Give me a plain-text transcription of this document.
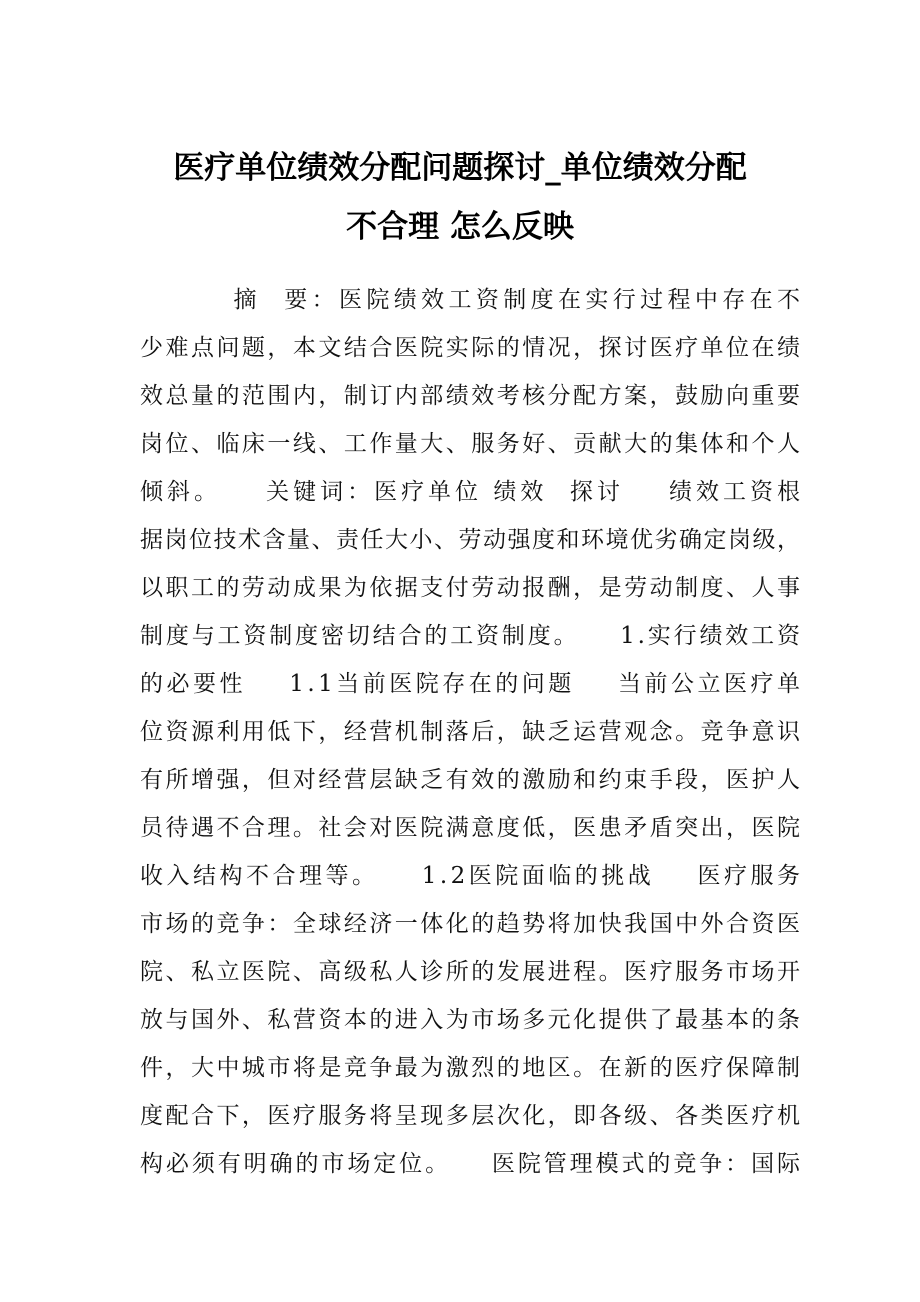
医疗单位绩效分配问题探讨_单位绩效分配
不合理 怎么反映
摘  要：医院绩效工资制度在实行过程中存在不
少难点问题，本文结合医院实际的情况，探讨医疗单位在绩
效总量的范围内，制订内部绩效考核分配方案，鼓励向重要
岗位、临床一线、工作量大、服务好、贡献大的集体和个人
倾斜。    关键词：医疗单位 绩效  探讨    绩效工资根
据岗位技术含量、责任大小、劳动强度和环境优劣确定岗级，
以职工的劳动成果为依据支付劳动报酬，是劳动制度、人事
制度与工资制度密切结合的工资制度。    1.实行绩效工资
的必要性    1.1当前医院存在的问题    当前公立医疗单
位资源利用低下，经营机制落后，缺乏运营观念。竞争意识
有所增强，但对经营层缺乏有效的激励和约束手段，医护人
员待遇不合理。社会对医院满意度低，医患矛盾突出，医院
收入结构不合理等。    1.2医院面临的挑战    医疗服务
市场的竞争：全球经济一体化的趋势将加快我国中外合资医
院、私立医院、高级私人诊所的发展进程。医疗服务市场开
放与国外、私营资本的进入为市场多元化提供了最基本的条
件，大中城市将是竞争最为激烈的地区。在新的医疗保障制
度配合下，医疗服务将呈现多层次化，即各级、各类医疗机
构必须有明确的市场定位。    医院管理模式的竞争：国际
